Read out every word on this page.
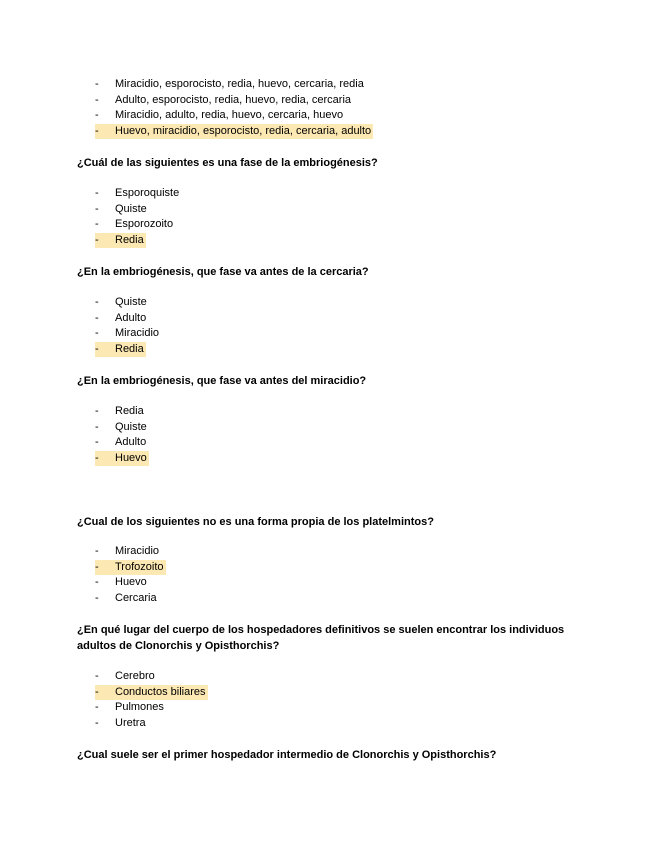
-	Miracidio, esporocisto, redia, huevo, cercaria, redia
-	Adulto, esporocisto, redia, huevo, redia, cercaria
-	Miracidio, adulto, redia, huevo, cercaria, huevo
-	Huevo, miracidio, esporocisto, redia, cercaria, adulto
¿Cuál de las siguientes es una fase de la embriogénesis?
-	Esporoquiste
-	Quiste
-	Esporozoito
-	Redia
¿En la embriogénesis, que fase va antes de la cercaria?
-	Quiste
-	Adulto
-	Miracidio
-	Redia
¿En la embriogénesis, que fase va antes del miracidio?
-	Redia
-	Quiste
-	Adulto
-	Huevo
¿Cual de los siguientes no es una forma propia de los platelmintos?
-	Miracidio
-	Trofozoito
-	Huevo
-	Cercaria
¿En qué lugar del cuerpo de los hospedadores definitivos se suelen encontrar los individuos adultos de Clonorchis y Opisthorchis?
-	Cerebro
-	Conductos biliares
-	Pulmones
-	Uretra
¿Cual suele ser el primer hospedador intermedio de Clonorchis y Opisthorchis?
